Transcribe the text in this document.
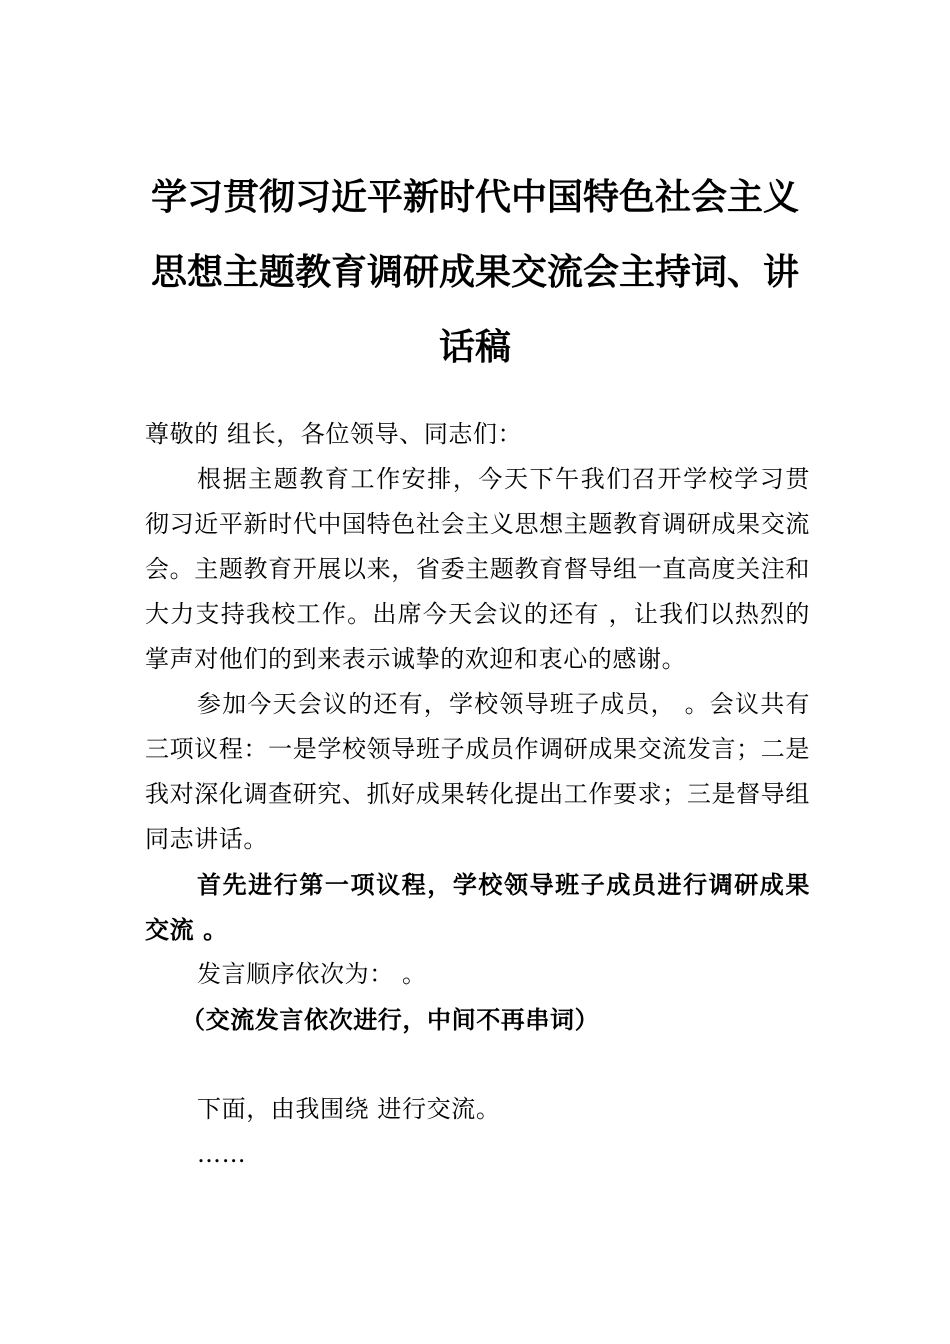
学习贯彻习近平新时代中国特色社会主义
思想主题教育调研成果交流会主持词、讲
话稿

尊敬的 组长，各位领导、同志们：

根据主题教育工作安排，今天下午我们召开学校学习贯彻习近平新时代中国特色社会主义思想主题教育调研成果交流会。主题教育开展以来，省委主题教育督导组一直高度关注和大力支持我校工作。出席今天会议的还有 ，让我们以热烈的掌声对他们的到来表示诚挚的欢迎和衷心的感谢。

参加今天会议的还有，学校领导班子成员， 。会议共有三项议程：一是学校领导班子成员作调研成果交流发言；二是我对深化调查研究、抓好成果转化提出工作要求；三是督导组 同志讲话。

首先进行第一项议程，学校领导班子成员进行调研成果交流 。

发言顺序依次为： 。

（交流发言依次进行，中间不再串词）

下面，由我围绕 进行交流。

……
